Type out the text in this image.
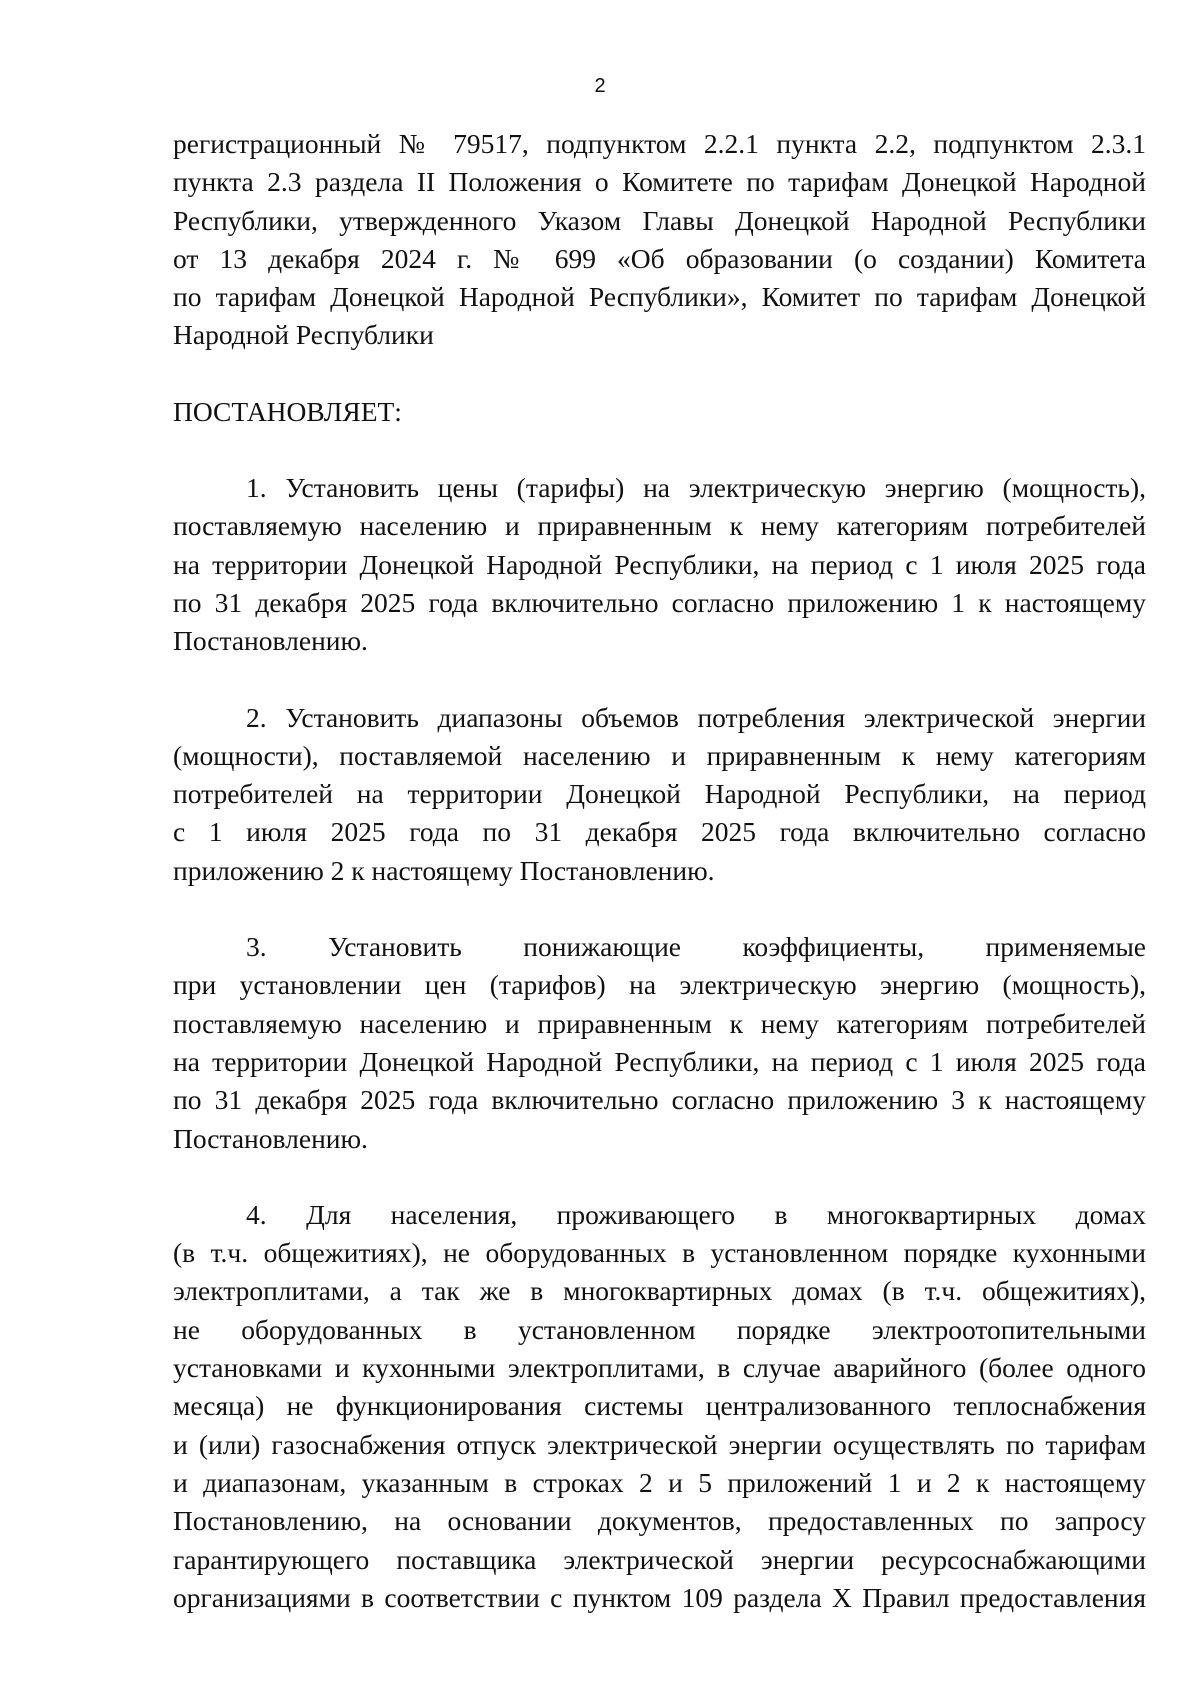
2
регистрационный № 79517, подпунктом 2.2.1 пункта 2.2, подпунктом 2.3.1
пункта 2.3 раздела II Положения о Комитете по тарифам Донецкой Народной
Республики, утвержденного Указом Главы Донецкой Народной Республики
от 13 декабря 2024 г. № 699 «Об образовании (о создании) Комитета
по тарифам Донецкой Народной Республики», Комитет по тарифам Донецкой
Народной Республики
ПОСТАНОВЛЯЕТ:
1. Установить цены (тарифы) на электрическую энергию (мощность),
поставляемую населению и приравненным к нему категориям потребителей
на территории Донецкой Народной Республики, на период с 1 июля 2025 года
по 31 декабря 2025 года включительно согласно приложению 1 к настоящему
Постановлению.
2. Установить диапазоны объемов потребления электрической энергии
(мощности), поставляемой населению и приравненным к нему категориям
потребителей на территории Донецкой Народной Республики, на период
с 1 июля 2025 года по 31 декабря 2025 года включительно согласно
приложению 2 к настоящему Постановлению.
3. Установить понижающие коэффициенты, применяемые
при установлении цен (тарифов) на электрическую энергию (мощность),
поставляемую населению и приравненным к нему категориям потребителей
на территории Донецкой Народной Республики, на период с 1 июля 2025 года
по 31 декабря 2025 года включительно согласно приложению 3 к настоящему
Постановлению.
4. Для населения, проживающего в многоквартирных домах
(в т.ч. общежитиях), не оборудованных в установленном порядке кухонными
электроплитами, а так же в многоквартирных домах (в т.ч. общежитиях),
не оборудованных в установленном порядке электроотопительными
установками и кухонными электроплитами, в случае аварийного (более одного
месяца) не функционирования системы централизованного теплоснабжения
и (или) газоснабжения отпуск электрической энергии осуществлять по тарифам
и диапазонам, указанным в строках 2 и 5 приложений 1 и 2 к настоящему
Постановлению, на основании документов, предоставленных по запросу
гарантирующего поставщика электрической энергии ресурсоснабжающими
организациями в соответствии с пунктом 109 раздела X Правил предоставления
